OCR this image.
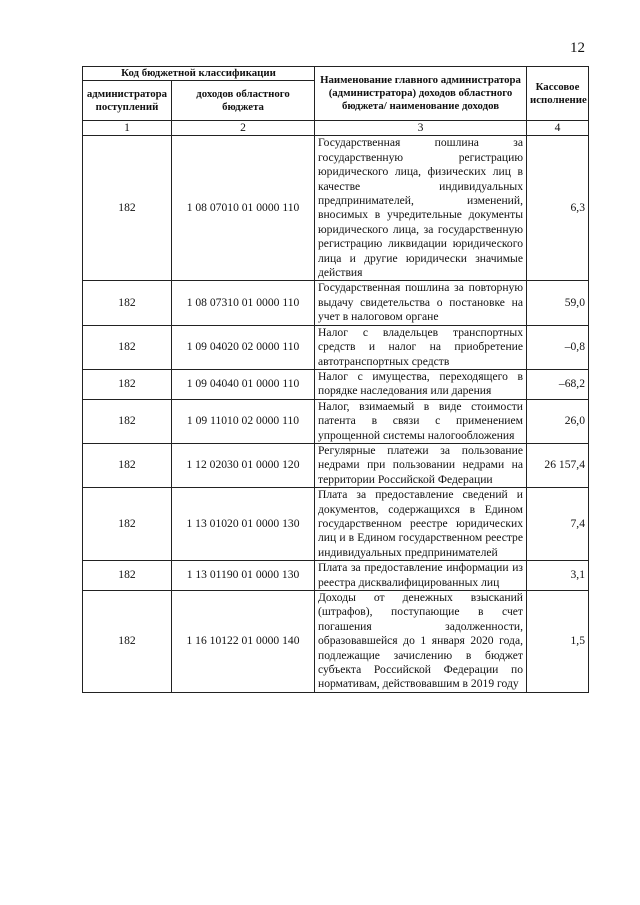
12
Код бюджетной классификации		Наименование главного администратора (администратора) доходов областного бюджета/ наименование доходов	Кассовое исполнение
администратора поступлений	доходов областного бюджета		
1	2	3	4
182	1 08 07010 01 0000 110	Государственная пошлина за государственную регистрацию юридического лица, физических лиц в качестве индивидуальных предпринимателей, изменений, вносимых в учредительные документы юридического лица, за государственную регистрацию ликвидации юридического лица и другие юридически значимые действия	6,3
182	1 08 07310 01 0000 110	Государственная пошлина за повторную выдачу свидетельства о постановке на учет в налоговом органе	59,0
182	1 09 04020 02 0000 110	Налог с владельцев транспортных средств и налог на приобретение автотранспортных средств	–0,8
182	1 09 04040 01 0000 110	Налог с имущества, переходящего в порядке наследования или дарения	–68,2
182	1 09 11010 02 0000 110	Налог, взимаемый в виде стоимости патента в связи с применением упрощенной системы налогообложения	26,0
182	1 12 02030 01 0000 120	Регулярные платежи за пользование недрами при пользовании недрами на территории Российской Федерации	26 157,4
182	1 13 01020 01 0000 130	Плата за предоставление сведений и документов, содержащихся в Едином государственном реестре юридических лиц и в Едином государственном реестре индивидуальных предпринимателей	7,4
182	1 13 01190 01 0000 130	Плата за предоставление информации из реестра дисквалифицированных лиц	3,1
182	1 16 10122 01 0000 140	Доходы от денежных взысканий (штрафов), поступающие в счет погашения задолженности, образовавшейся до 1 января 2020 года, подлежащие зачислению в бюджет субъекта Российской Федерации по нормативам, действовавшим в 2019 году	1,5
